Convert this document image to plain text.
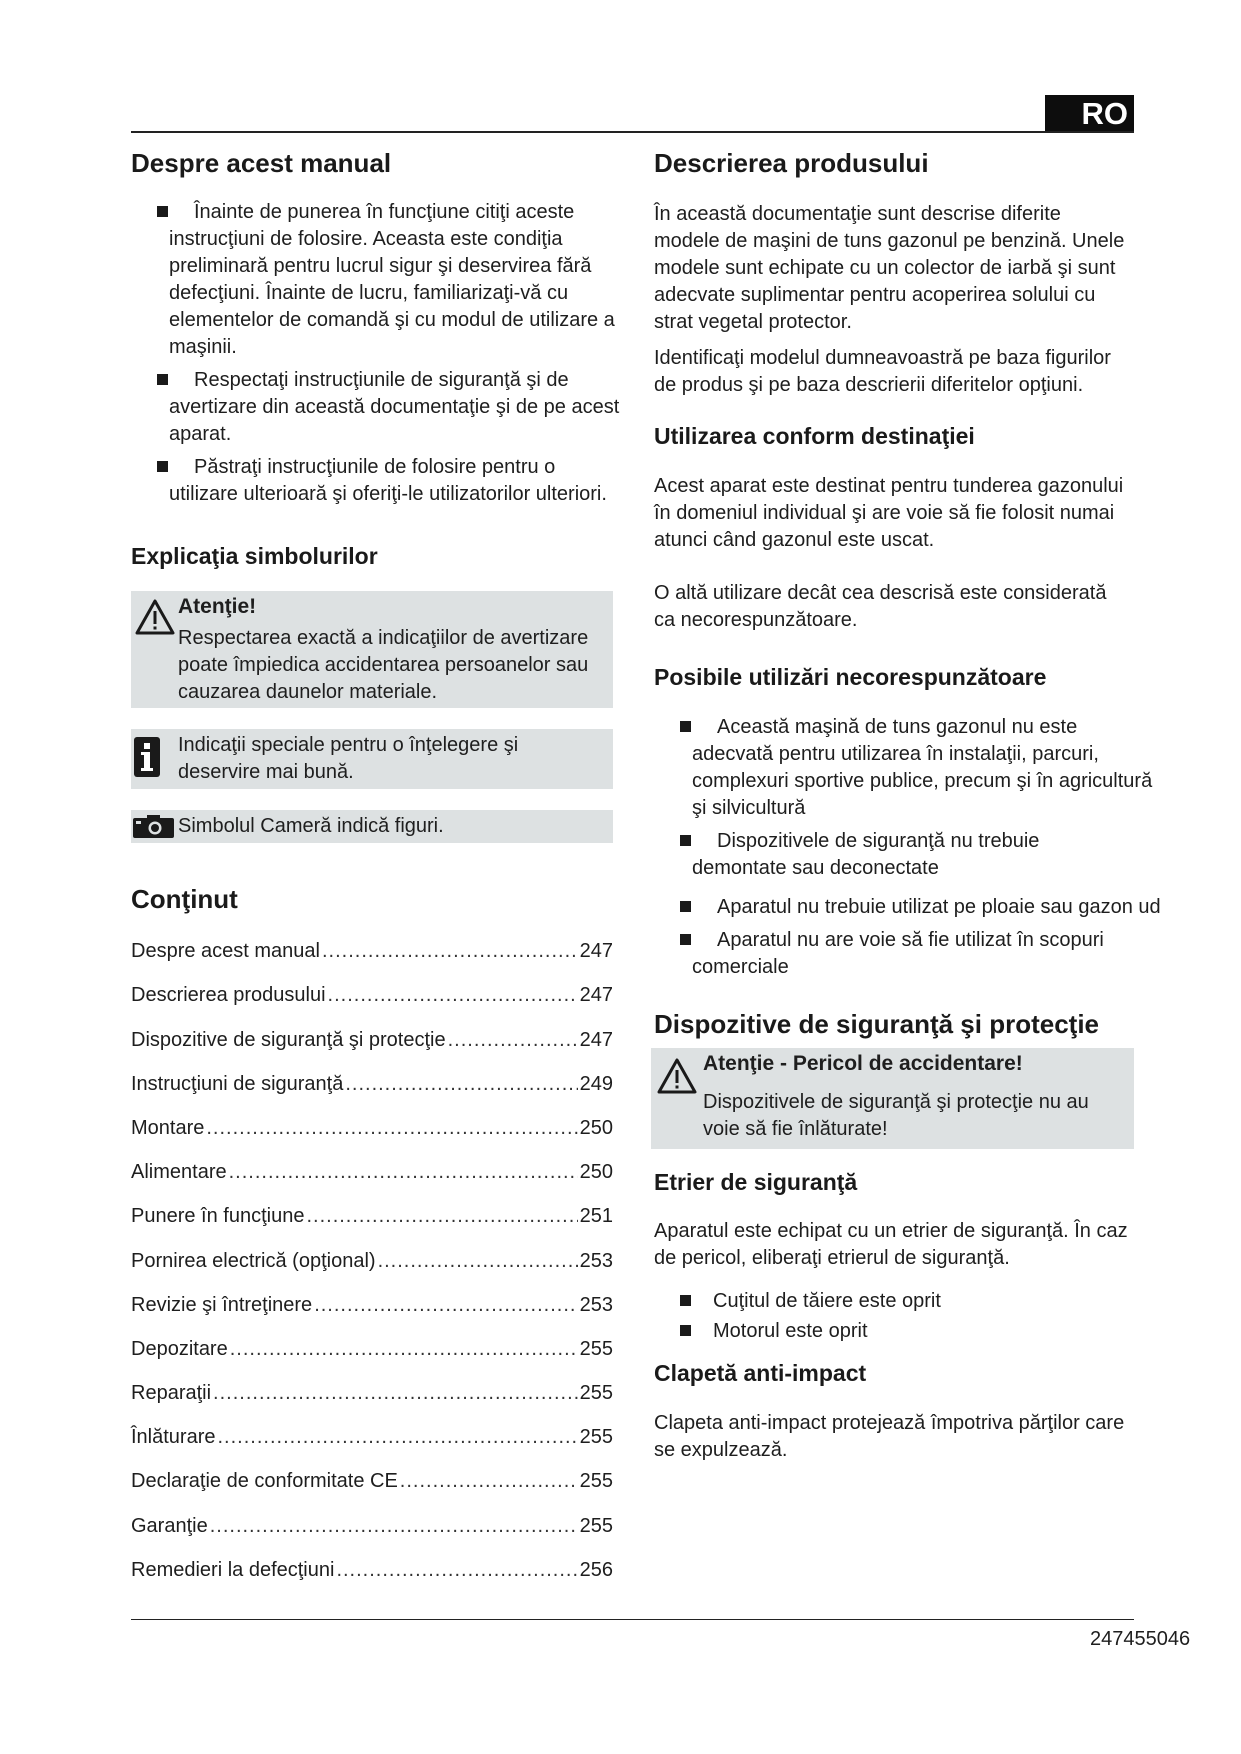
RO
Despre acest manual
Înainte de punerea în funcţiune citiţi aceste instrucţiuni de folosire. Aceasta este condiţia preliminară pentru lucrul sigur şi deservirea fără defecţiuni. Înainte de lucru, familiarizaţi-vă cu elementelor de comandă şi cu modul de utilizare a maşinii.
Respectaţi instrucţiunile de siguranţă şi de avertizare din această documentaţie şi de pe acest aparat.
Păstraţi instrucţiunile de folosire pentru o utilizare ulterioară şi oferiţi-le utilizatorilor ulteriori.
Explicaţia simbolurilor
Atenţie!
Respectarea exactă a indicaţiilor de avertizare poate împiedica accidentarea persoanelor sau cauzarea daunelor materiale.
Indicaţii speciale pentru o înţelegere şi deservire mai bună.
Simbolul Cameră indică figuri.
Conţinut
Despre acest manual .....	247
Descrierea produsului .....	247
Dispozitive de siguranţă şi protecţie .....	247
Instrucţiuni de siguranţă .....	249
Montare .....	250
Alimentare .....	250
Punere în funcţiune .....	251
Pornirea electrică (opţional) .....	253
Revizie şi întreţinere .....	253
Depozitare .....	255
Reparaţii .....	255
Înlăturare .....	255
Declaraţie de conformitate CE .....	255
Garanţie .....	255
Remedieri la defecţiuni .....	256
Descrierea produsului

În această documentaţie sunt descrise diferite modele de maşini de tuns gazonul pe benzină. Unele modele sunt echipate cu un colector de iarbă şi sunt adecvate suplimentar pentru acoperirea solului cu strat vegetal protector.

Identificaţi modelul dumneavoastră pe baza figurilor de produs şi pe baza descrierii diferitelor opţiuni.

Utilizarea conform destinaţiei

Acest aparat este destinat pentru tunderea gazonului în domeniul individual şi are voie să fie folosit numai atunci când gazonul este uscat.

O altă utilizare decât cea descrisă este considerată ca necorespunzătoare.

Posibile utilizări necorespunzătoare
Această maşină de tuns gazonul nu este adecvată pentru utilizarea în instalaţii, parcuri, complexuri sportive publice, precum şi în agricultură şi silvicultură
Dispozitivele de siguranţă nu trebuie demontate sau deconectate
Aparatul nu trebuie utilizat pe ploaie sau gazon ud
Aparatul nu are voie să fie utilizat în scopuri comerciale
Dispozitive de siguranţă şi protecţie
Atenţie - Pericol de accidentare!
Dispozitivele de siguranţă şi protecţie nu au voie să fie înlăturate!
Etrier de siguranţă

Aparatul este echipat cu un etrier de siguranţă. În caz de pericol, eliberaţi etrierul de siguranţă.

Cuţitul de tăiere este oprit
Motorul este oprit
Clapetă anti-impact

Clapeta anti-impact protejează împotriva părţilor care se expulzează.

247455046
